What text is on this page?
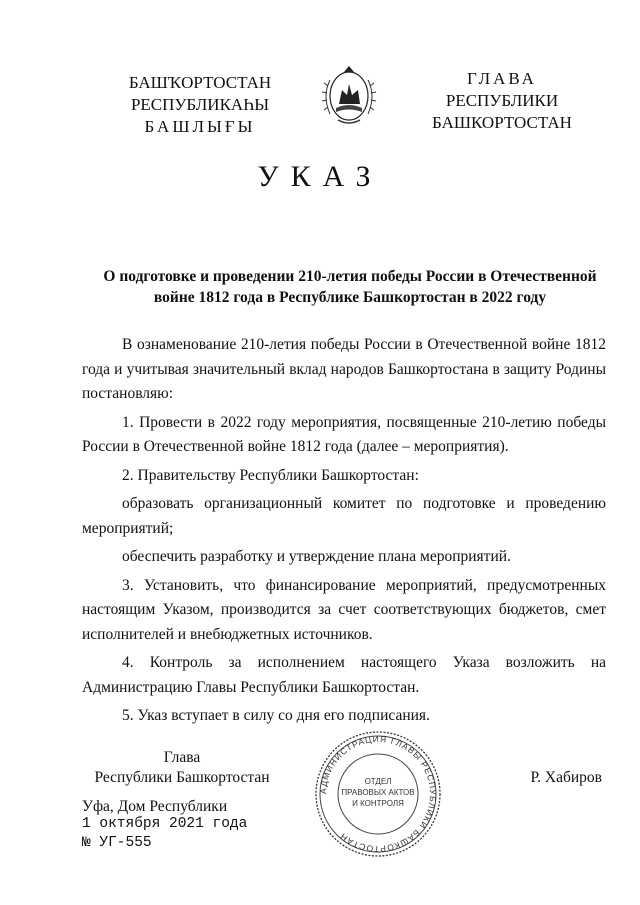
БАШҠОРТОСТАН
РЕСПУБЛИКАҺЫ
БАШЛЫҒЫ
ГЛАВА
РЕСПУБЛИКИ
БАШКОРТОСТАН
УКАЗ
О подготовке и проведении 210-летия победы России в Отечественной войне 1812 года в Республике Башкортостан в 2022 году

В ознаменование 210-летия победы России в Отечественной войне 1812 года и учитывая значительный вклад народов Башкортостана в защиту Родины постановляю:

1. Провести в 2022 году мероприятия, посвященные 210-летию победы России в Отечественной войне 1812 года (далее – мероприятия).

2. Правительству Республики Башкортостан:

образовать организационный комитет по подготовке и проведению мероприятий;

обеспечить разработку и утверждение плана мероприятий.

3. Установить, что финансирование мероприятий, предусмотренных настоящим Указом, производится за счет соответствующих бюджетов, смет исполнителей и внебюджетных источников.

4. Контроль за исполнением настоящего Указа возложить на Администрацию Главы Республики Башкортостан.

5. Указ вступает в силу со дня его подписания.

Глава
Республики Башкортостан
АДМИНИСТРАЦИЯ ГЛАВЫ РЕСПУБЛИКИ БАШКОРТОСТАН
ОТДЕЛ
ПРАВОВЫХ АКТОВ
И КОНТРОЛЯ
Р. Хабиров
Уфа, Дом Республики
1 октября 2021 года
№ УГ-555
